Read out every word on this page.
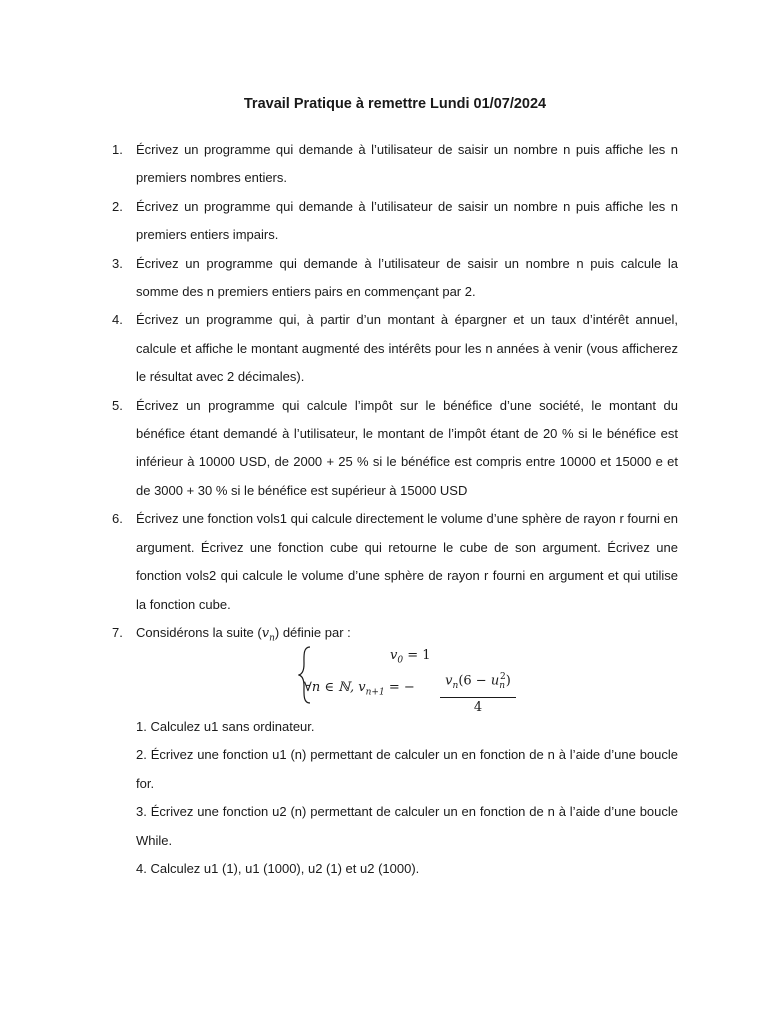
Travail Pratique à remettre Lundi 01/07/2024
1. Écrivez un programme qui demande à l’utilisateur de saisir un nombre n puis affiche les n premiers nombres entiers.
2. Écrivez un programme qui demande à l’utilisateur de saisir un nombre n puis affiche les n premiers entiers impairs.
3. Écrivez un programme qui demande à l’utilisateur de saisir un nombre n puis calcule la somme des n premiers entiers pairs en commençant par 2.
4. Écrivez un programme qui, à partir d’un montant à épargner et un taux d’intérêt annuel, calcule et affiche le montant augmenté des intérêts pour les n années à venir (vous afficherez le résultat avec 2 décimales).
5. Écrivez un programme qui calcule l’impôt sur le bénéfice d’une société, le montant du bénéfice étant demandé à l’utilisateur, le montant de l’impôt étant de 20 % si le bénéfice est inférieur à 10000 USD, de 2000 + 25 % si le bénéfice est compris entre 10000 et 15000 e et de 3000 + 30 % si le bénéfice est supérieur à 15000 USD
6. Écrivez une fonction vols1 qui calcule directement le volume d’une sphère de rayon r fourni en argument. Écrivez une fonction cube qui retourne le cube de son argument. Écrivez une fonction vols2 qui calcule le volume d’une sphère de rayon r fourni en argument et qui utilise la fonction cube.
7. Considérons la suite $(v_n)$ définie par :
$v_0 = 1$
∀n ∈ ℕ, $v_{n+1}$ = − $\frac{v_n(6 - u_n^2)}{4}$
1. Calculez u1 sans ordinateur.
2. Écrivez une fonction u1 (n) permettant de calculer un en fonction de n à l’aide d’une boucle for.
3. Écrivez une fonction u2 (n) permettant de calculer un en fonction de n à l’aide d’une boucle While.
4. Calculez u1 (1), u1 (1000), u2 (1) et u2 (1000).
